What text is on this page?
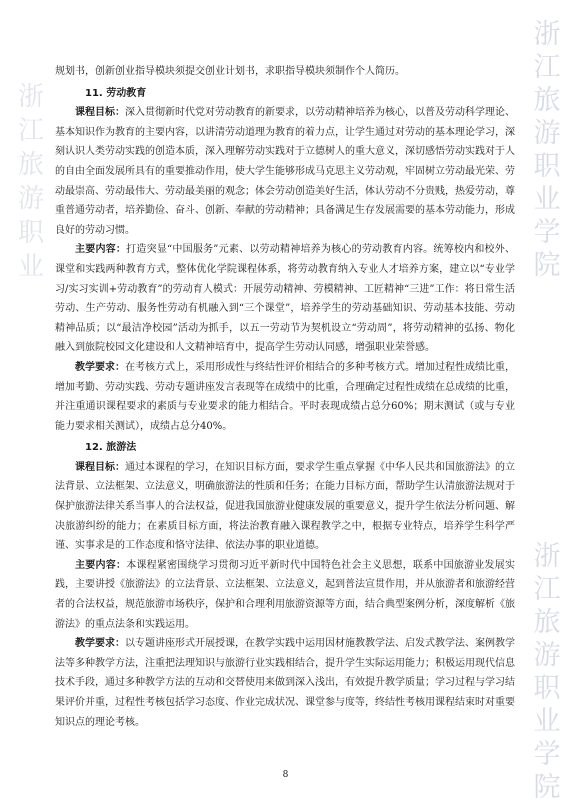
浙
江
旅
游
职
业
学
院
浙
江
旅
游
职
业
浙
江
旅
游
职
业
学
院

规划书，创新创业指导模块须提交创业计划书，求职指导模块须制作个人简历。

11. 劳动教育

课程目标：深入贯彻新时代党对劳动教育的新要求，以劳动精神培养为核心，以普及劳动科学理论、基本知识作为教育的主要内容，以讲清劳动道理为教育的着力点，让学生通过对劳动的基本理论学习，深刻认识人类劳动实践的创造本质，深入理解劳动实践对于立德树人的重大意义，深切感悟劳动实践对于人的自由全面发展所具有的重要推动作用，使大学生能够形成马克思主义劳动观，牢固树立劳动最光荣、劳动最崇高、劳动最伟大、劳动最美丽的观念；体会劳动创造美好生活，体认劳动不分贵贱，热爱劳动，尊重普通劳动者，培养勤俭、奋斗、创新、奉献的劳动精神；具备满足生存发展需要的基本劳动能力，形成良好的劳动习惯。

主要内容：打造突显“中国服务”元素、以劳动精神培养为核心的劳动教育内容。统筹校内和校外、课堂和实践两种教育方式，整体优化学院课程体系，将劳动教育纳入专业人才培养方案，建立以“专业学习/实习实训+劳动教育”的劳动育人模式：开展劳动精神、劳模精神、工匠精神“三进”工作：将日常生活劳动、生产劳动、服务性劳动有机融入到“三个课堂”，培养学生的劳动基础知识、劳动基本技能、劳动精神品质；以“最洁净校园”活动为抓手，以五一劳动节为契机设立“劳动周”，将劳动精神的弘扬、物化融入到旅院校园文化建设和人文精神培育中，提高学生劳动认同感，增强职业荣誉感。

教学要求：在考核方式上，采用形成性与终结性评价相结合的多种考核方式。增加过程性成绩比重，增加考勤、劳动实践、劳动专题讲座发言表现等在成绩中的比重，合理确定过程性成绩在总成绩的比重，并注重通识课程要求的素质与专业要求的能力相结合。平时表现成绩占总分60%；期末测试（或与专业能力要求相关测试），成绩占总分40%。

12. 旅游法

课程目标：通过本课程的学习，在知识目标方面，要求学生重点掌握《中华人民共和国旅游法》的立法背景、立法框架、立法意义，明确旅游法的性质和任务；在能力目标方面，帮助学生认清旅游法规对于保护旅游法律关系当事人的合法权益，促进我国旅游业健康发展的重要意义，提升学生依法分析问题、解决旅游纠纷的能力；在素质目标方面，将法治教育融入课程教学之中，根据专业特点，培养学生科学严谨、实事求是的工作态度和恪守法律、依法办事的职业道德。

主要内容：本课程紧密围绕学习贯彻习近平新时代中国特色社会主义思想，联系中国旅游业发展实践，主要讲授《旅游法》的立法背景、立法框架、立法意义，起到普法宣贯作用，并从旅游者和旅游经营者的合法权益，规范旅游市场秩序，保护和合理利用旅游资源等方面，结合典型案例分析，深度解析《旅游法》的重点法条和实践运用。

教学要求：以专题讲座形式开展授课，在教学实践中运用因材施教教学法、启发式教学法、案例教学法等多种教学方法，注重把法理知识与旅游行业实践相结合，提升学生实际运用能力；积极运用现代信息技术手段，通过多种教学方法的互动和交替使用来做到深入浅出，有效提升教学质量；学习过程与学习结果评价并重，过程性考核包括学习态度、作业完成状况、课堂参与度等，终结性考核用课程结束时对重要知识点的理论考核。

8
